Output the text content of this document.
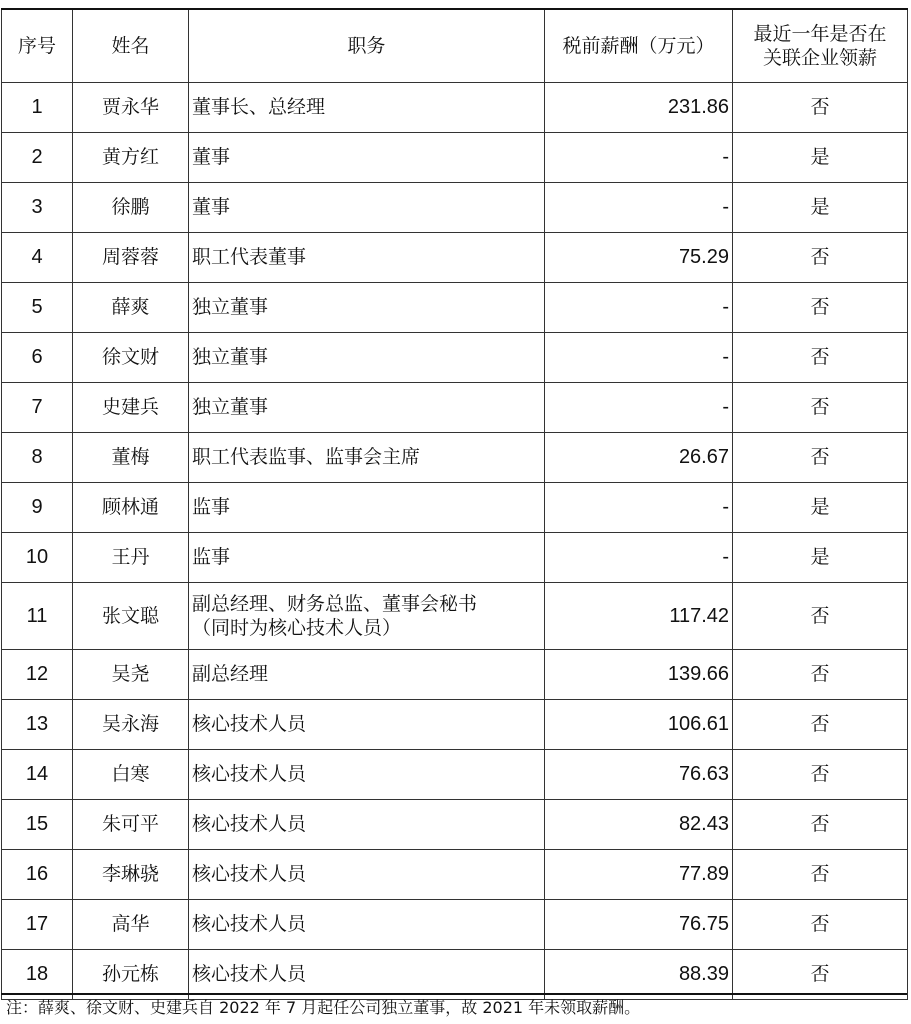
序号	姓名	职务	税前薪酬（万元）	最近一年是否在
关联企业领薪

1	贾永华	董事长、总经理	231.86	否
2	黄方红	董事	-	是
3	徐鹏	董事	-	是
4	周蓉蓉	职工代表董事	75.29	否
5	薛爽	独立董事	-	否
6	徐文财	独立董事	-	否
7	史建兵	独立董事	-	否
8	董梅	职工代表监事、监事会主席	26.67	否
9	顾林通	监事	-	是
10	王丹	监事	-	是
11	张文聪	副总经理、财务总监、董事会秘书
（同时为核心技术人员）	117.42	否
12	吴尧	副总经理	139.66	否
13	吴永海	核心技术人员	106.61	否
14	白寒	核心技术人员	76.63	否
15	朱可平	核心技术人员	82.43	否
16	李琳骁	核心技术人员	77.89	否
17	高华	核心技术人员	76.75	否
18	孙元栋	核心技术人员	88.39	否
注：薛爽、徐文财、史建兵自 2022 年 7 月起任公司独立董事，故 2021 年未领取薪酬。
